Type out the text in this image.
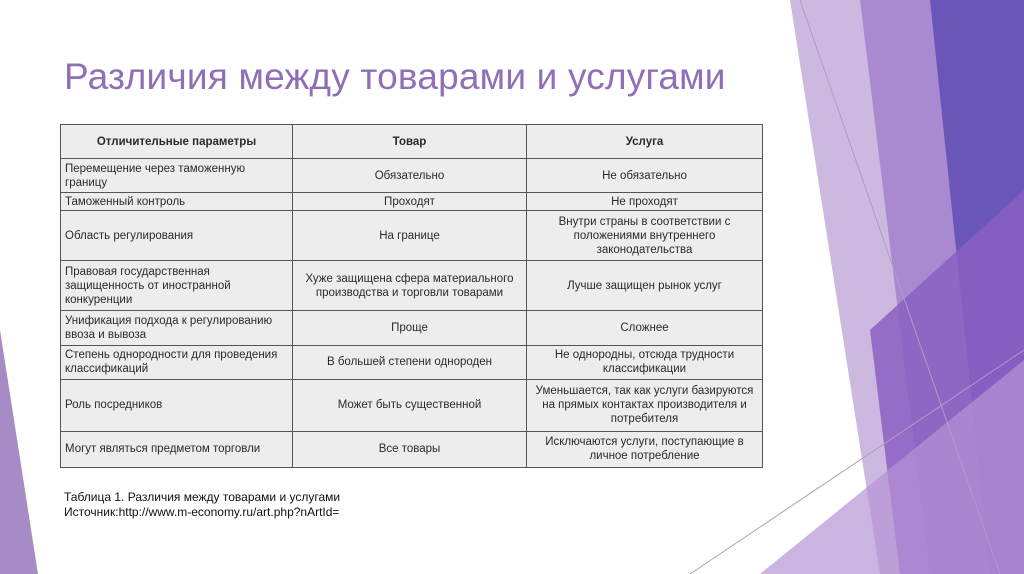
Различия между товарами и услугами
Отличительные параметры	Товар	Услуга
Перемещение через таможенную границу	Обязательно	Не обязательно
Таможенный контроль	Проходят	Не проходят
Область регулирования	На границе	Внутри страны в соответствии с положениями внутреннего законодательства
Правовая государственная защищенность от иностранной конкуренции	Хуже защищена сфера материального производства и торговли товарами	Лучше защищен рынок услуг
Унификация подхода к регулированию ввоза и вывоза	Проще	Сложнее
Степень однородности для проведения классификаций	В большей степени однороден	Не однородны, отсюда трудности классификации
Роль посредников	Может быть существенной	Уменьшается, так как услуги базируются на прямых контактах производителя и потребителя
Могут являться предметом торговли	Все товары	Исключаются услуги, поступающие в личное потребление
Таблица 1. Различия между товарами и услугами
Источник:http://www.m-economy.ru/art.php?nArtId=
